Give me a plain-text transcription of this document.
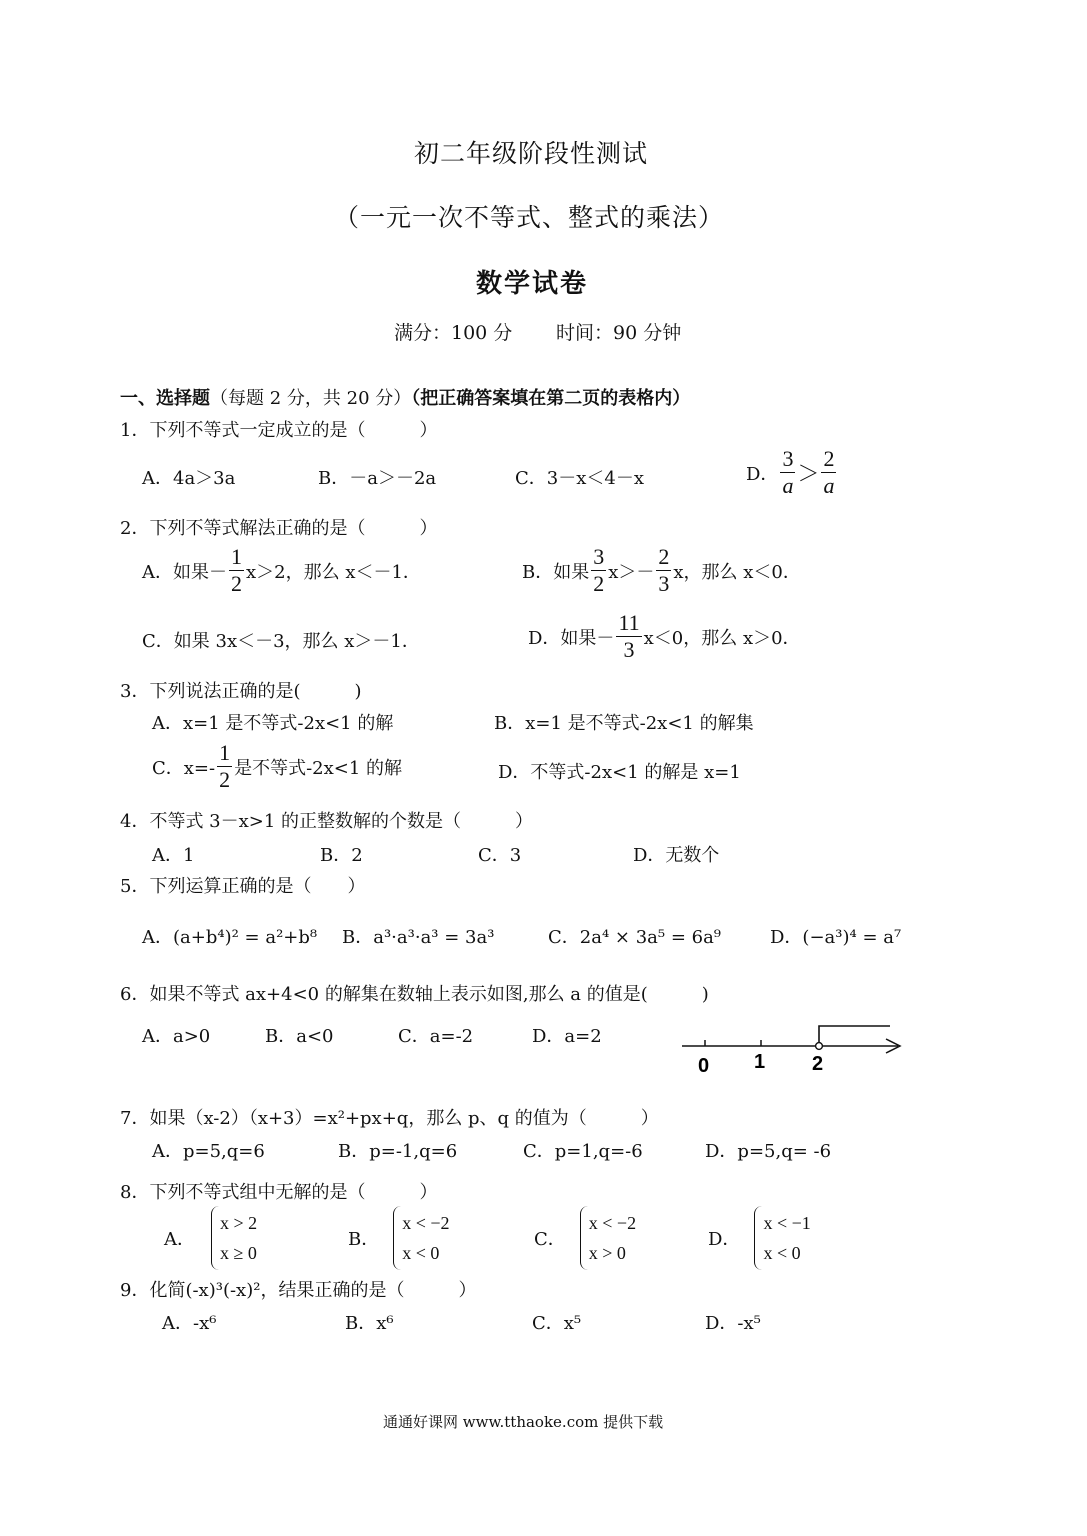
初二年级阶段性测试
（一元一次不等式、整式的乘法）
数学试卷
满分：100 分 时间：90 分钟
一、选择题（每题 2 分，共 20 分）（把正确答案填在第二页的表格内）
1．下列不等式一定成立的是（　　　）
A．4a＞3a	B．－a＞－2a	C．3－x＜4－x	D． $\frac{3}{a} > \frac{2}{a}$
2．下列不等式解法正确的是（　　　）
A．如果－ $\frac{1}{2} x>2$，那么 x＜－1．	B．如果 $\frac{3}{2} x>- \frac{2}{3}$ x，那么 x＜0．
C．如果 3x＜－3，那么 x＞－1．	D．如果－ $\frac{11}{3} x<0$，那么 x＞0．
3．下列说法正确的是(　　　)
A．x=1 是不等式-2x<1 的解	B．x=1 是不等式-2x<1 的解集
C．$x=- \frac{1}{2}$ 是不等式-2x<1 的解	D．不等式-2x<1 的解是 x=1
4．不等式 3－x>1 的正整数解的个数是（　　　）
A．1	B．2	C．3	D．无数个
5．下列运算正确的是（　　）
A．(a+b⁴)² = a²+b⁸ B．a³·a³·a³ = 3a³	C．2a⁴ × 3a⁵ = 6a⁹	D．(−a³)⁴ = a⁷
6．如果不等式 ax+4<0 的解集在数轴上表示如图,那么 a 的值是(　　　)
A．a>0	B．a<0	C．a=-2	D．a=2
0 1 2
7．如果（x-2）（x+3）=x²+px+q，那么 p、q 的值为（　　　）
A．p=5,q=6	B．p=-1,q=6	C．p=1,q=-6	D．p=5,q= -6
8．下列不等式组中无解的是（　　　）
A．
x > 2
x ≥ 0
B．
x < −2
x < 0
C．
x < −2
x > 0
D．
x < −1
x < 0
9．化简(-x)³(-x)²，结果正确的是（　　　）
A．-x⁶	B．x⁶	C．x⁵	D．-x⁵
通通好课网 www.tthaoke.com 提供下载
